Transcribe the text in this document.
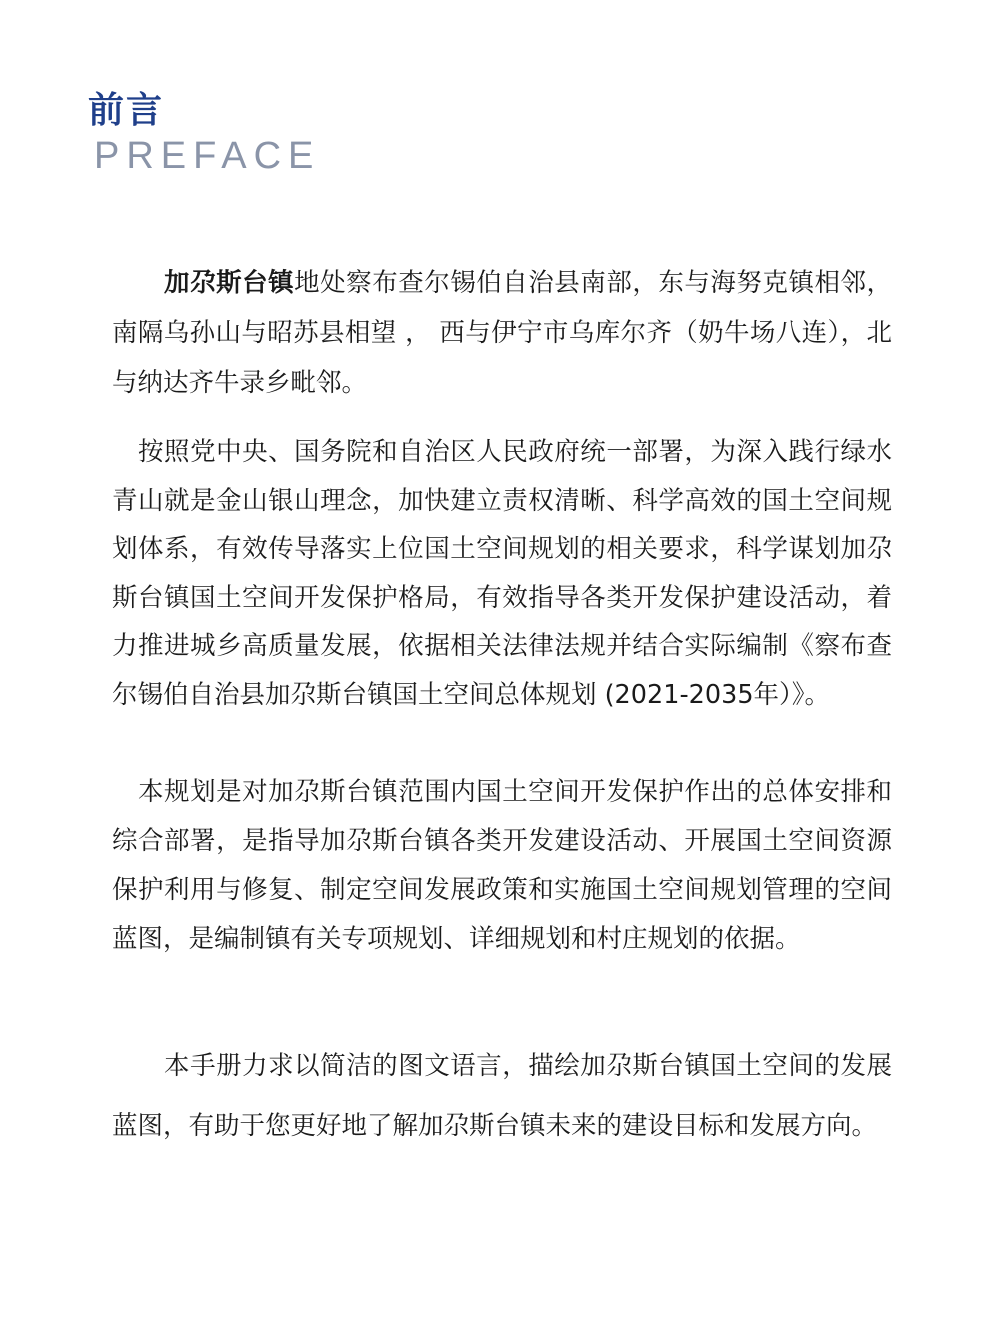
前言
PREFACE

　　加尕斯台镇地处察布查尔锡伯自治县南部，东与海努克镇相邻，南隔乌孙山与昭苏县相望 ， 西与伊宁市乌库尔齐（奶牛场八连），北与纳达齐牛录乡毗邻。

　按照党中央、国务院和自治区人民政府统一部署，为深入践行绿水青山就是金山银山理念，加快建立责权清晰、科学高效的国土空间规划体系，有效传导落实上位国土空间规划的相关要求，科学谋划加尕斯台镇国土空间开发保护格局，有效指导各类开发保护建设活动，着力推进城乡高质量发展，依据相关法律法规并结合实际编制《察布查尔锡伯自治县加尕斯台镇国土空间总体规划 (2021-2035年）》。

　本规划是对加尕斯台镇范围内国土空间开发保护作出的总体安排和综合部署，是指导加尕斯台镇各类开发建设活动、开展国土空间资源保护利用与修复、制定空间发展政策和实施国土空间规划管理的空间蓝图，是编制镇有关专项规划、详细规划和村庄规划的依据。

　　本手册力求以简洁的图文语言，描绘加尕斯台镇国土空间的发展蓝图，有助于您更好地了解加尕斯台镇未来的建设目标和发展方向。
